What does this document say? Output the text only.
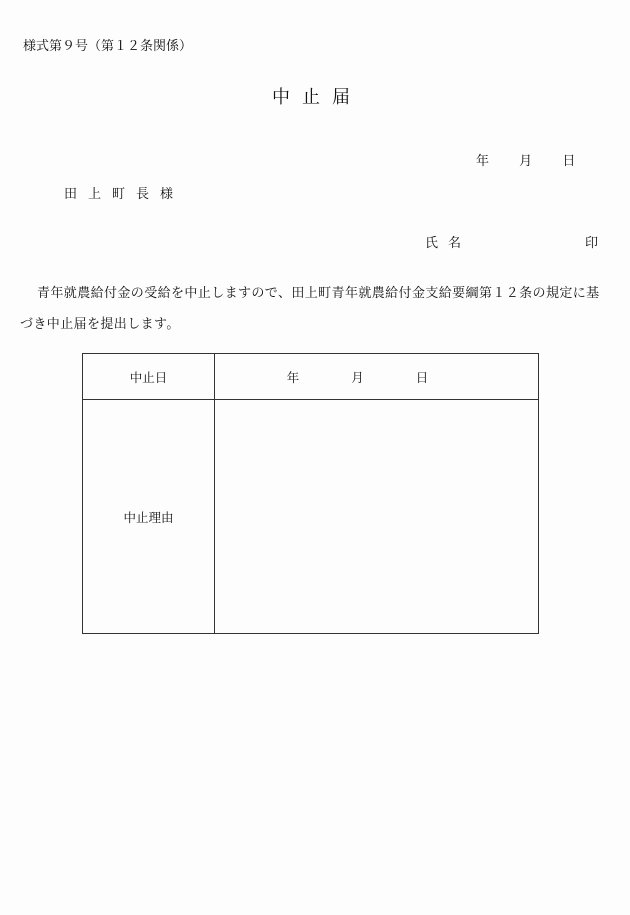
様式第９号（第１２条関係）
中止届
年 月 日
田上町長様
氏名	印
青年就農給付金の受給を中止しますので、田上町青年就農給付金支給要綱第１２条の規定に基づき中止届を提出します。
中止日	年 月 日
中止理由	
